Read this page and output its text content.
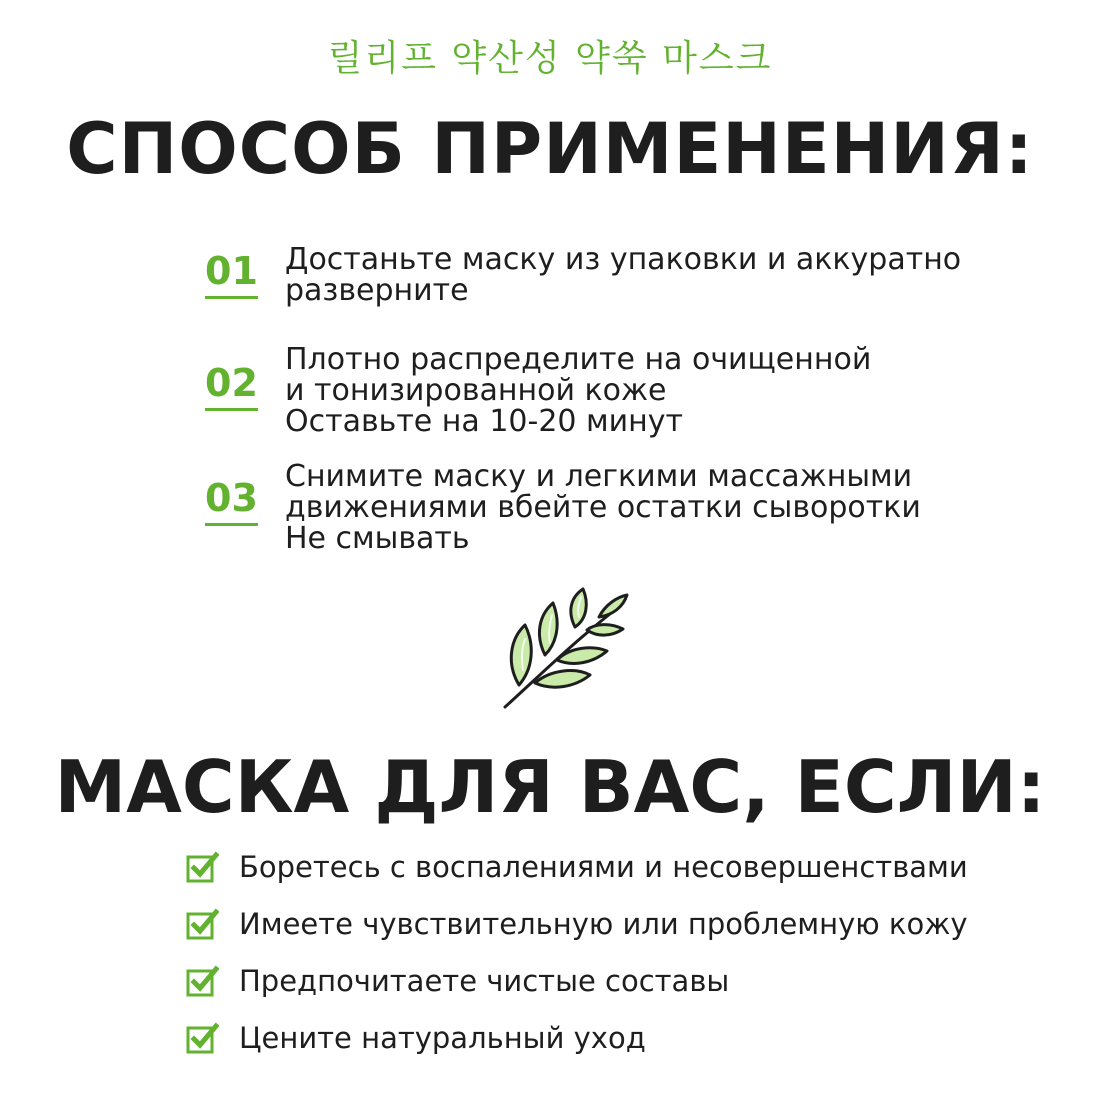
릴리프 약산성 약쑥 마스크
СПОСОБ ПРИМЕНЕНИЯ:
01 Достаньте маску из упаковки и аккуратно
разверните
02
Плотно распределите на очищенной
и тонизированной коже
Оставьте на 10-20 минут
03 Снимите маску и легкими массажными
движениями вбейте остатки сыворотки
Не смывать
МАСКА ДЛЯ ВАС, ЕСЛИ:
Боретесь с воспалениями и несовершенствами
Имеете чувствительную или проблемную кожу
Предпочитаете чистые составы
Цените натуральный уход
